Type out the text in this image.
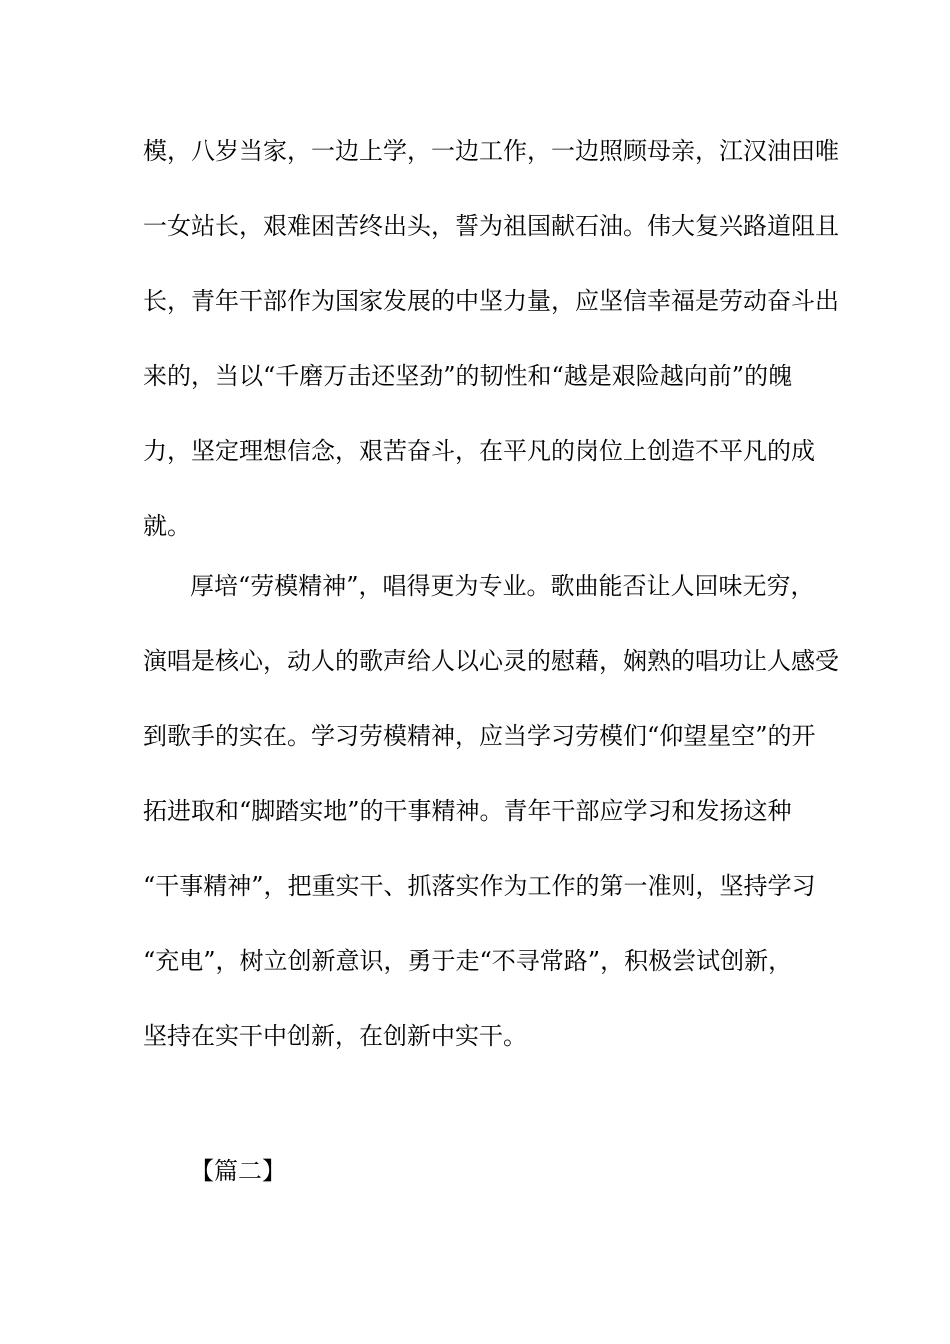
模，八岁当家，一边上学，一边工作，一边照顾母亲，江汉油田唯
一女站长，艰难困苦终出头，誓为祖国献石油。伟大复兴路道阻且
长，青年干部作为国家发展的中坚力量，应坚信幸福是劳动奋斗出
来的，当以“千磨万击还坚劲”的韧性和“越是艰险越向前”的魄
力，坚定理想信念，艰苦奋斗，在平凡的岗位上创造不平凡的成
就。
厚培“劳模精神”，唱得更为专业。歌曲能否让人回味无穷，
演唱是核心，动人的歌声给人以心灵的慰藉，娴熟的唱功让人感受
到歌手的实在。学习劳模精神，应当学习劳模们“仰望星空”的开
拓进取和“脚踏实地”的干事精神。青年干部应学习和发扬这种
“干事精神”，把重实干、抓落实作为工作的第一准则，坚持学习
“充电”，树立创新意识，勇于走“不寻常路”，积极尝试创新，
坚持在实干中创新，在创新中实干。
【篇二】
